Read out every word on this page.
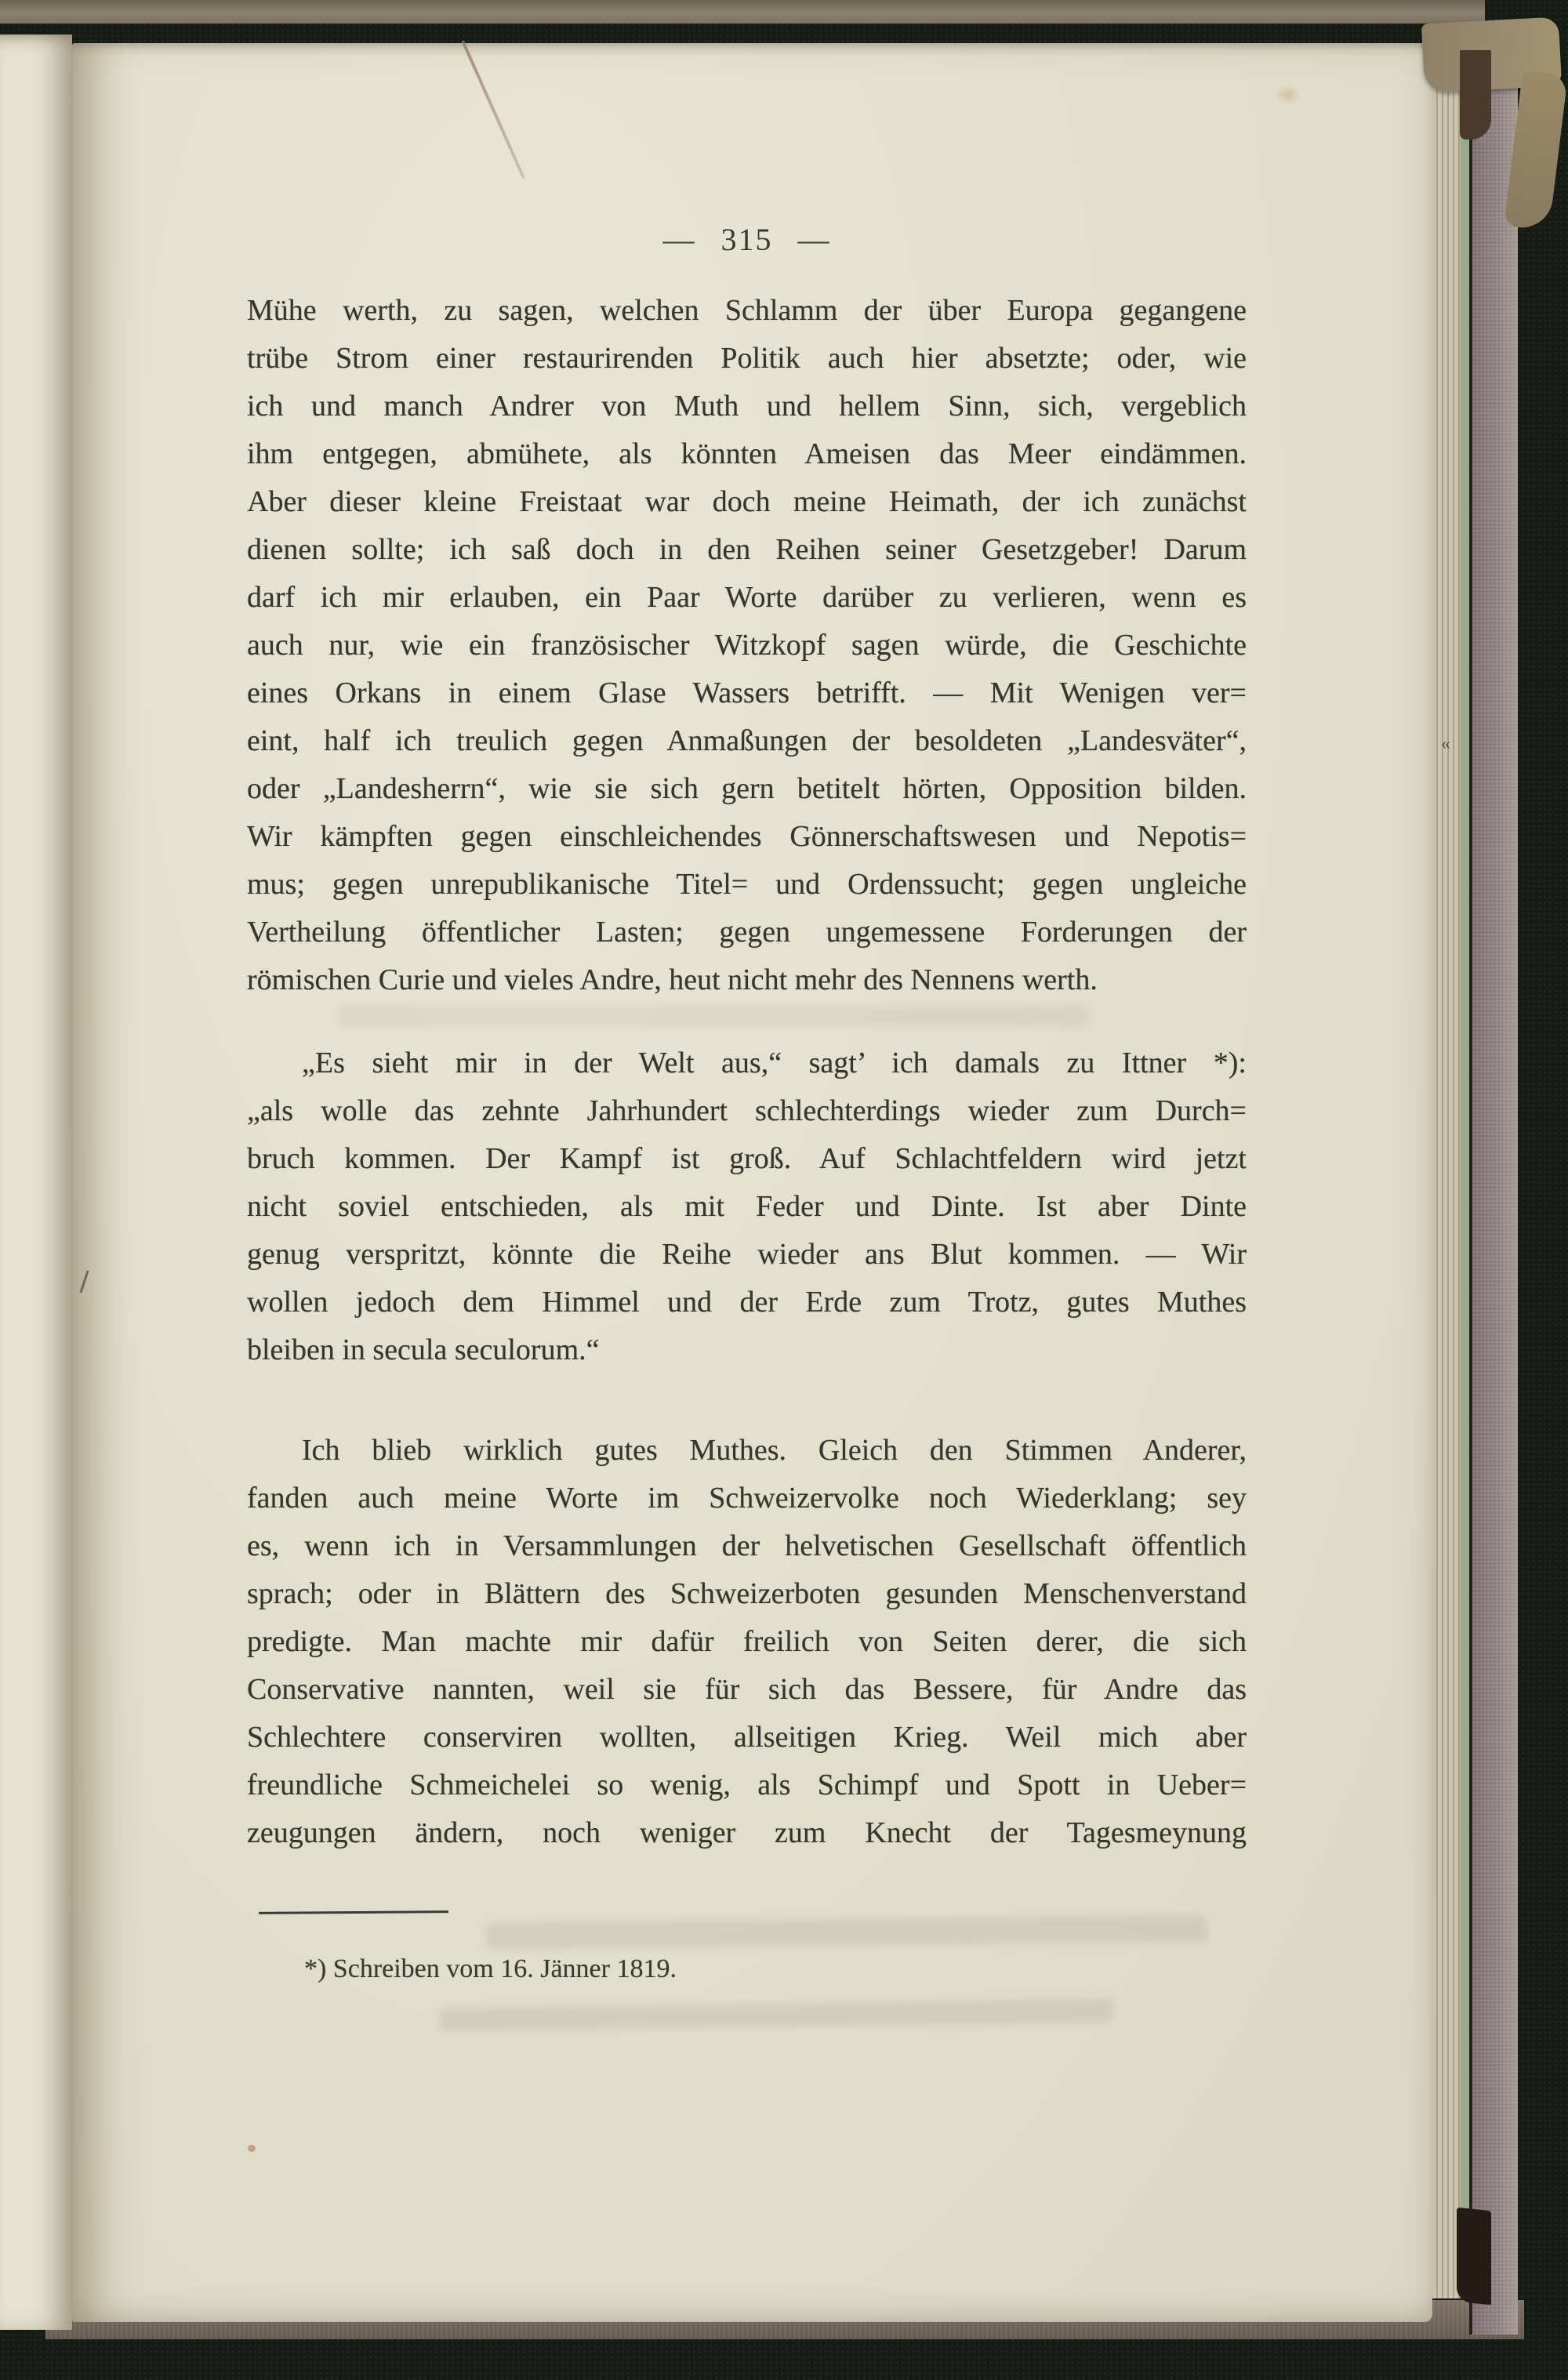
«
— 315 —
Mühe werth, zu sagen, welchen Schlamm der über Europa gegangene
trübe Strom einer restaurirenden Politik auch hier absetzte; oder, wie
ich und manch Andrer von Muth und hellem Sinn, sich, vergeblich
ihm entgegen, abmühete, als könnten Ameisen das Meer eindämmen.
Aber dieser kleine Freistaat war doch meine Heimath, der ich zunächst
dienen sollte; ich saß doch in den Reihen seiner Gesetzgeber! Darum
darf ich mir erlauben, ein Paar Worte darüber zu verlieren, wenn es
auch nur, wie ein französischer Witzkopf sagen würde, die Geschichte
eines Orkans in einem Glase Wassers betrifft. — Mit Wenigen ver=
eint, half ich treulich gegen Anmaßungen der besoldeten „Landesväter“,
oder „Landesherrn“, wie sie sich gern betitelt hörten, Opposition bilden.
Wir kämpften gegen einschleichendes Gönnerschaftswesen und Nepotis=
mus; gegen unrepublikanische Titel= und Ordenssucht; gegen ungleiche
Vertheilung öffentlicher Lasten; gegen ungemessene Forderungen der
römischen Curie und vieles Andre, heut nicht mehr des Nennens werth.
„Es sieht mir in der Welt aus,“ sagt’ ich damals zu Ittner *):
„als wolle das zehnte Jahrhundert schlechterdings wieder zum Durch=
bruch kommen. Der Kampf ist groß. Auf Schlachtfeldern wird jetzt
nicht soviel entschieden, als mit Feder und Dinte. Ist aber Dinte
genug verspritzt, könnte die Reihe wieder ans Blut kommen. — Wir
wollen jedoch dem Himmel und der Erde zum Trotz, gutes Muthes
bleiben in secula seculorum.“
Ich blieb wirklich gutes Muthes. Gleich den Stimmen Anderer,
fanden auch meine Worte im Schweizervolke noch Wiederklang; sey
es, wenn ich in Versammlungen der helvetischen Gesellschaft öffentlich
sprach; oder in Blättern des Schweizerboten gesunden Menschenverstand
predigte. Man machte mir dafür freilich von Seiten derer, die sich
Conservative nannten, weil sie für sich das Bessere, für Andre das
Schlechtere conserviren wollten, allseitigen Krieg. Weil mich aber
freundliche Schmeichelei so wenig, als Schimpf und Spott in Ueber=
zeugungen ändern, noch weniger zum Knecht der Tagesmeynung
*) Schreiben vom 16. Jänner 1819.
